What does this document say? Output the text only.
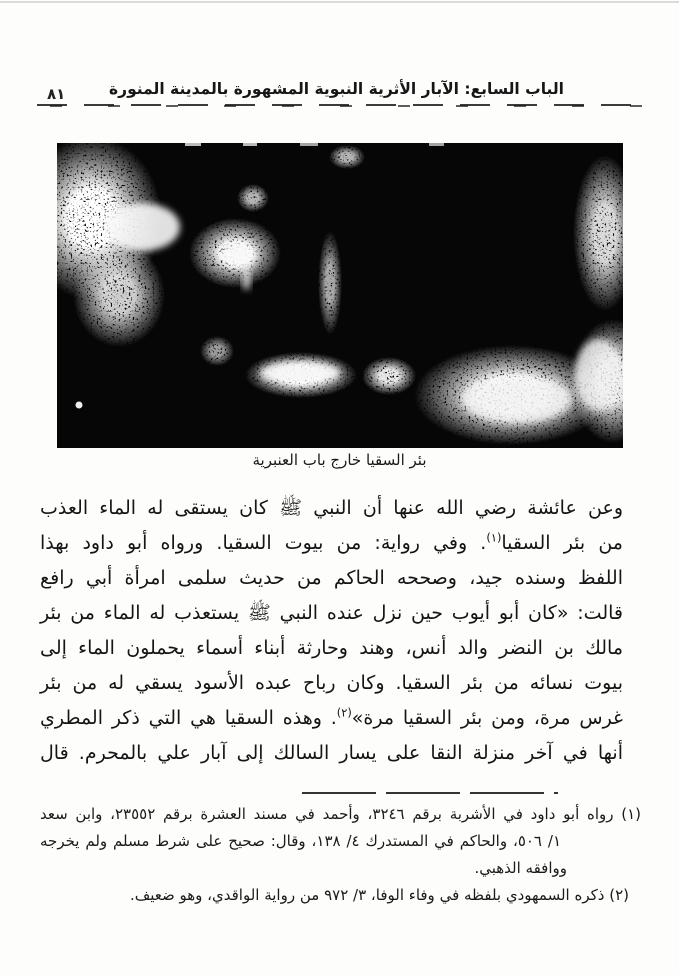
الباب السابع: الآبار الأثرية النبوية المشهورة بالمدينة المنورة
٨١
بئر السقيا خارج باب العنبرية
وعن عائشة رضي الله عنها أن النبي ﷺ كان يستقى له الماء العذب
من بئر السقيا$^{(١)}$. وفي رواية: من بيوت السقيا. ورواه أبو داود بهذا
اللفظ وسنده جيد، وصححه الحاكم من حديث سلمى امرأة أبي رافع
قالت: «كان أبو أيوب حين نزل عنده النبي ﷺ يستعذب له الماء من بئر
مالك بن النضر والد أنس، وهند وحارثة أبناء أسماء يحملون الماء إلى
بيوت نسائه من بئر السقيا. وكان رباح عبده الأسود يسقي له من بئر
غرس مرة، ومن بئر السقيا مرة»$^{(٢)}$. وهذه السقيا هي التي ذكر المطري
أنها في آخر منزلة النقا على يسار السالك إلى آبار علي بالمحرم. قال
(١) رواه أبو داود في الأشربة برقم ٣٢٤٦، وأحمد في مسند العشرة برقم ٢٣٥٥٢، وابن سعد
١/ ٥٠٦، والحاكم في المستدرك ٤/ ١٣٨، وقال: صحيح على شرط مسلم ولم يخرجه
ووافقه الذهبي.
(٢) ذكره السمهودي بلفظه في وفاء الوفا، ٣/ ٩٧٢ من رواية الواقدي، وهو ضعيف.
